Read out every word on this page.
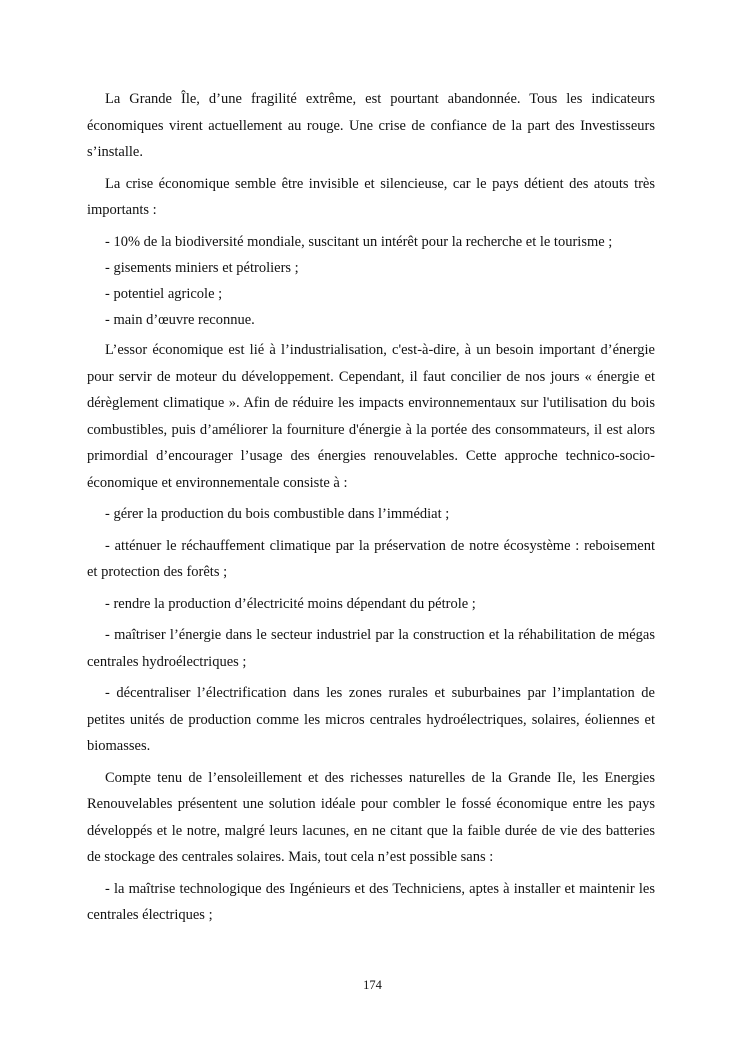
La Grande Île, d’une fragilité extrême, est pourtant abandonnée. Tous les indicateurs économiques virent actuellement au rouge. Une crise de confiance de la part des Investisseurs s’installe.

La crise économique semble être invisible et silencieuse, car le pays détient des atouts très importants :

- 10% de la biodiversité mondiale, suscitant un intérêt pour la recherche et le tourisme ;

- gisements miniers et pétroliers ;

- potentiel agricole ;

- main d’œuvre reconnue.

L’essor économique est lié à l’industrialisation, c'est-à-dire, à un besoin important d’énergie pour servir de moteur du développement. Cependant, il faut concilier de nos jours « énergie et dérèglement climatique ». Afin de réduire les impacts environnementaux sur l'utilisation du bois combustibles, puis d’améliorer la fourniture d'énergie à la portée des consommateurs, il est alors primordial d’encourager l’usage des énergies renouvelables. Cette approche technico-socio-économique et environnementale consiste à :

- gérer la production du bois combustible dans l’immédiat ;

- atténuer le réchauffement climatique par la préservation de notre écosystème : reboisement et protection des forêts ;

- rendre la production d’électricité moins dépendant du pétrole ;

- maîtriser l’énergie dans le secteur industriel par la construction et la réhabilitation de mégas centrales hydroélectriques ;

- décentraliser l’électrification dans les zones rurales et suburbaines par l’implantation de petites unités de production comme les micros centrales hydroélectriques, solaires, éoliennes et biomasses.

Compte tenu de l’ensoleillement et des richesses naturelles de la Grande Ile, les Energies Renouvelables présentent une solution idéale pour combler le fossé économique entre les pays développés et le notre, malgré leurs lacunes, en ne citant que la faible durée de vie des batteries de stockage des centrales solaires. Mais, tout cela n’est possible sans :

- la maîtrise technologique des Ingénieurs et des Techniciens, aptes à installer et maintenir les centrales électriques ;

174
